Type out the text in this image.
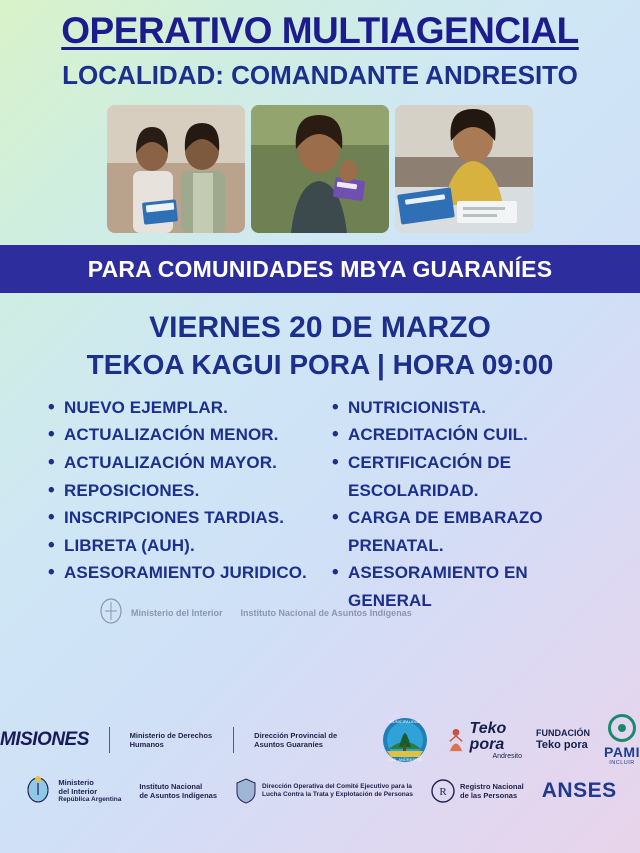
OPERATIVO MULTIAGENCIAL
LOCALIDAD: COMANDANTE ANDRESITO
PARA COMUNIDADES MBYA GUARANÍES
VIERNES 20 DE MARZO
TEKOA KAGUI PORA | HORA 09:00
• NUEVO EJEMPLAR.
• ACTUALIZACIÓN MENOR.
• ACTUALIZACIÓN MAYOR.
• REPOSICIONES.
• INSCRIPCIONES TARDIAS.
• LIBRETA (AUH).
• ASESORAMIENTO JURIDICO.
• NUTRICIONISTA.
• ACREDITACIÓN CUIL.
• CERTIFICACIÓN DE ESCOLARIDAD.
• CARGA DE EMBARAZO PRENATAL.
• ASESORAMIENTO EN GENERAL
Ministerio del Interior Instituto Nacional de Asuntos Indígenas
MISIONES	Ministerio de Derechos Humanos
Dirección Provincial de Asuntos Guaraníes
MUNICIPALIDAD
CTE. ANDRESITO
Teko pora
Andresito
FUNDACIÓN
Teko pora PAMI
INCLUIR
Ministerio
del Interior
República Argentina
Instituto Nacional
de Asuntos Indígenas
Dirección Operativa del Comité Ejecutivo para la
Lucha Contra la Trata y Explotación de Personas R Registro Nacional
de las Personas	ANSES
